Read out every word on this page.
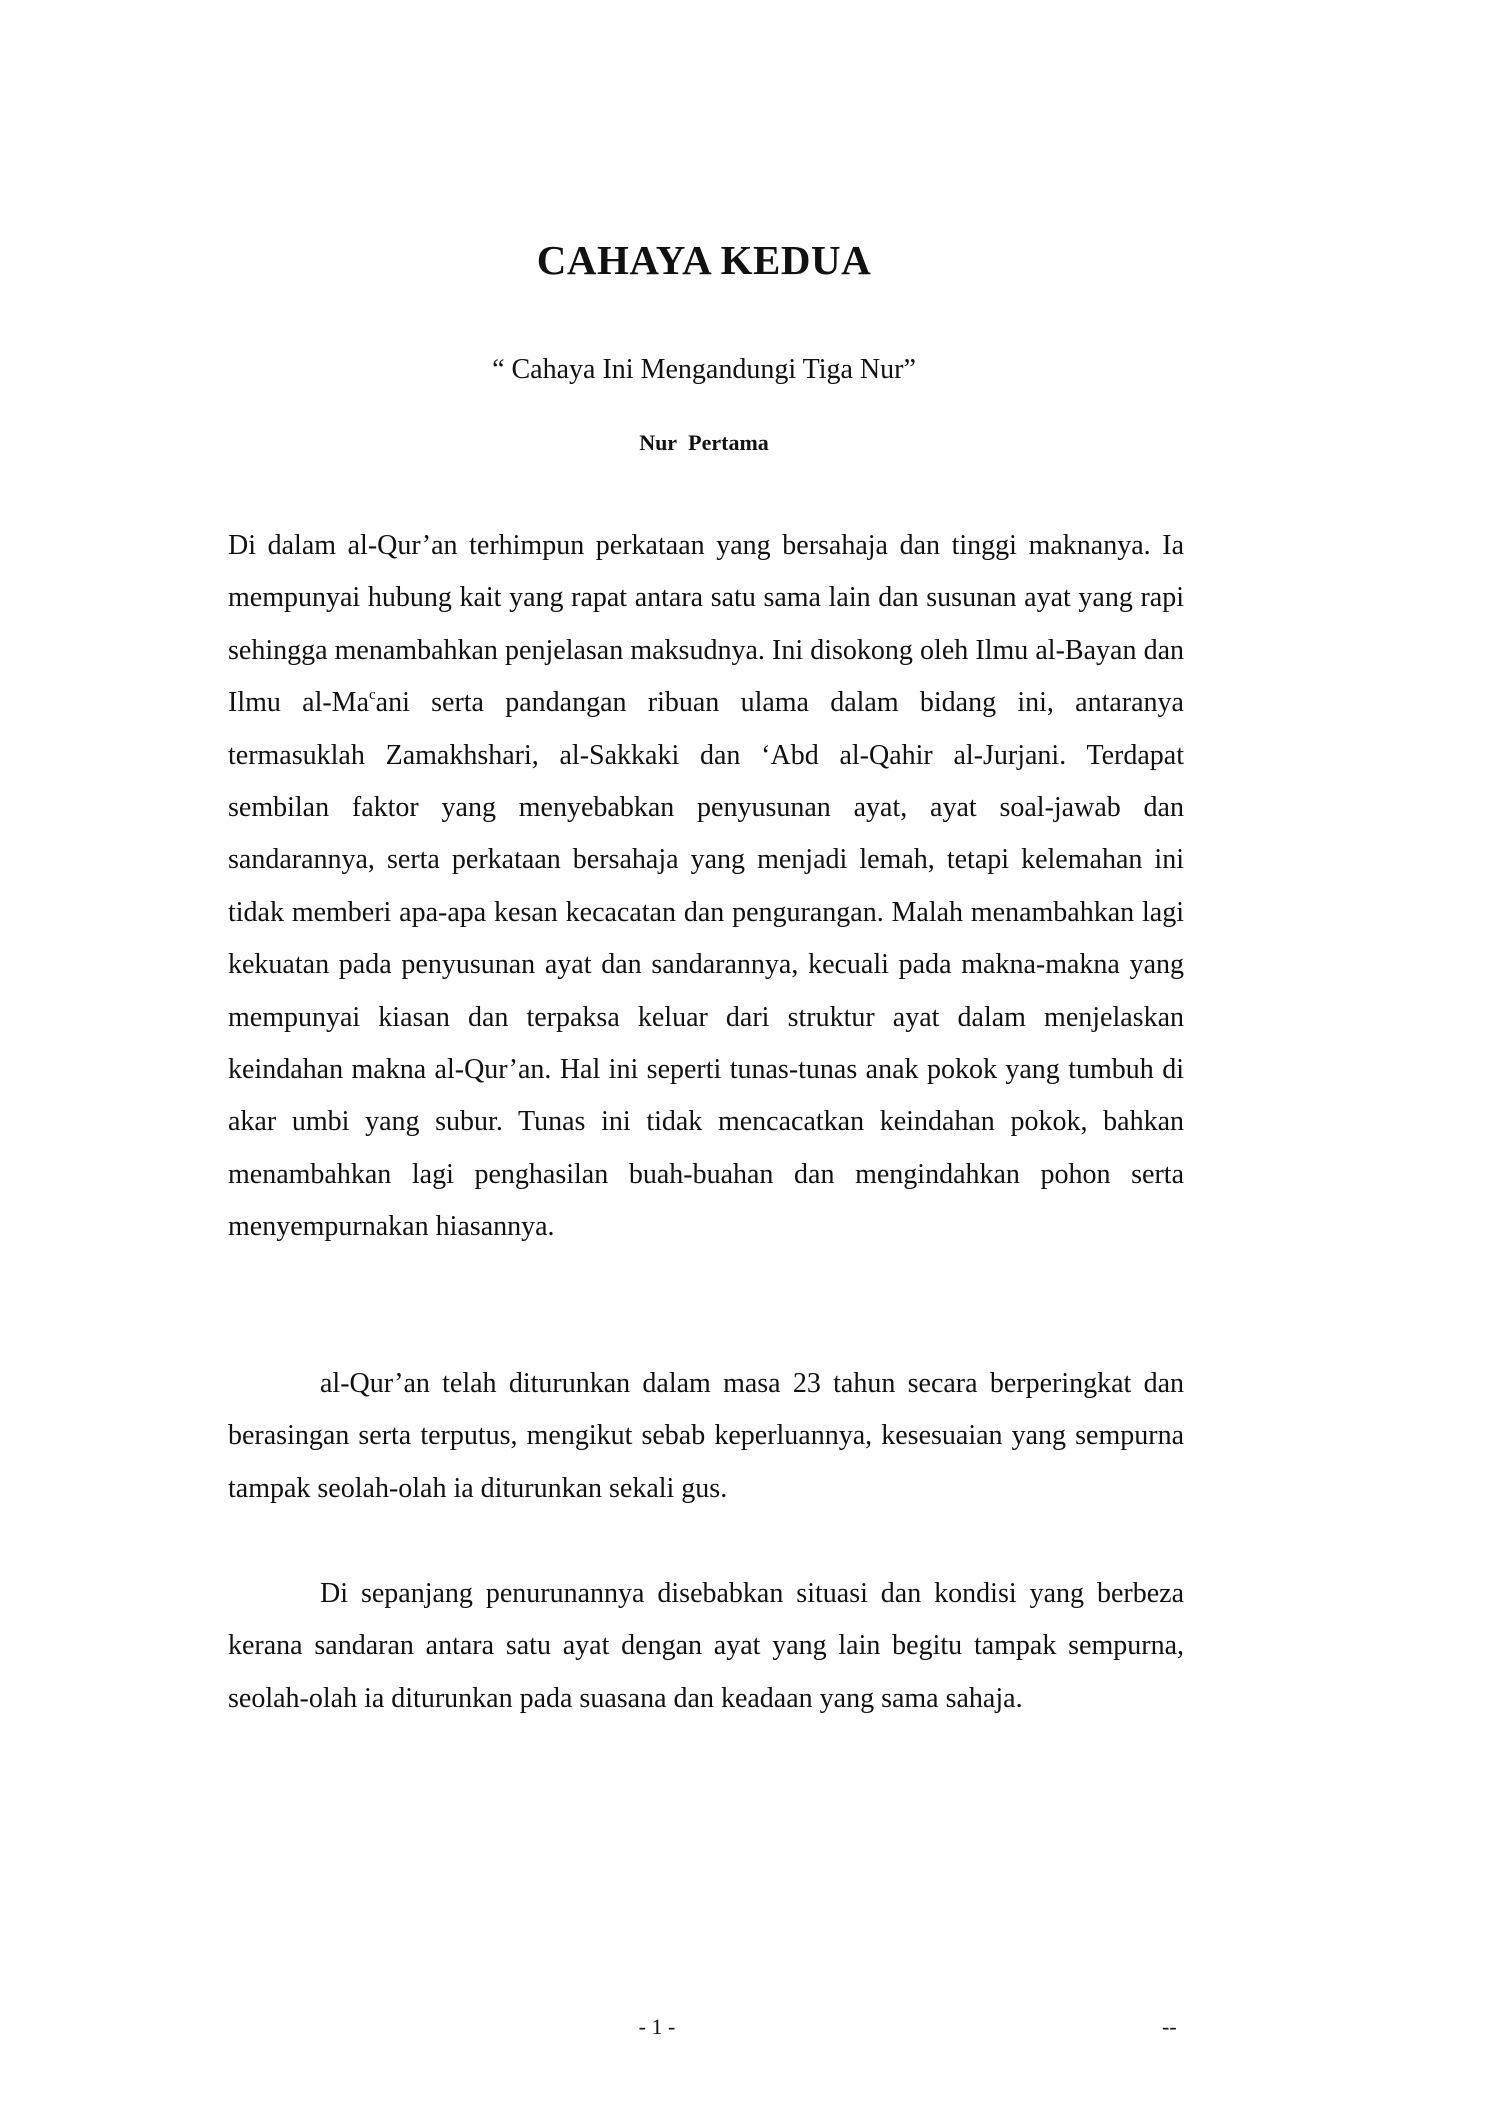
CAHAYA KEDUA
“ Cahaya Ini Mengandungi Tiga Nur”
Nur Pertama
Di dalam al-Qur’an terhimpun perkataan yang bersahaja dan tinggi maknanya. Ia mempunyai hubung kait yang rapat antara satu sama lain dan susunan ayat yang rapi sehingga menambahkan penjelasan maksudnya. Ini disokong oleh Ilmu al-Bayan dan Ilmu al-Ma$^c$ani serta pandangan ribuan ulama dalam bidang ini, antaranya termasuklah Zamakhshari, al-Sakkaki dan ‘Abd al-Qahir al-Jurjani. Terdapat sembilan faktor yang menyebabkan penyusunan ayat, ayat soal-jawab dan sandarannya, serta perkataan bersahaja yang menjadi lemah, tetapi kelemahan ini tidak memberi apa-apa kesan kecacatan dan pengurangan. Malah menambahkan lagi kekuatan pada penyusunan ayat dan sandarannya, kecuali pada makna-makna yang mempunyai kiasan dan terpaksa keluar dari struktur ayat dalam menjelaskan keindahan makna al-Qur’an. Hal ini seperti tunas-tunas anak pokok yang tumbuh di akar umbi yang subur. Tunas ini tidak mencacatkan keindahan pokok, bahkan menambahkan lagi penghasilan buah-buahan dan mengindahkan pohon serta menyempurnakan hiasannya.
al-Qur’an telah diturunkan dalam masa 23 tahun secara berperingkat dan berasingan serta terputus, mengikut sebab keperluannya, kesesuaian yang sempurna tampak seolah-olah ia diturunkan sekali gus.
Di sepanjang penurunannya disebabkan situasi dan kondisi yang berbeza kerana sandaran antara satu ayat dengan ayat yang lain begitu tampak sempurna, seolah-olah ia diturunkan pada suasana dan keadaan yang sama sahaja.
- 1 -	--
